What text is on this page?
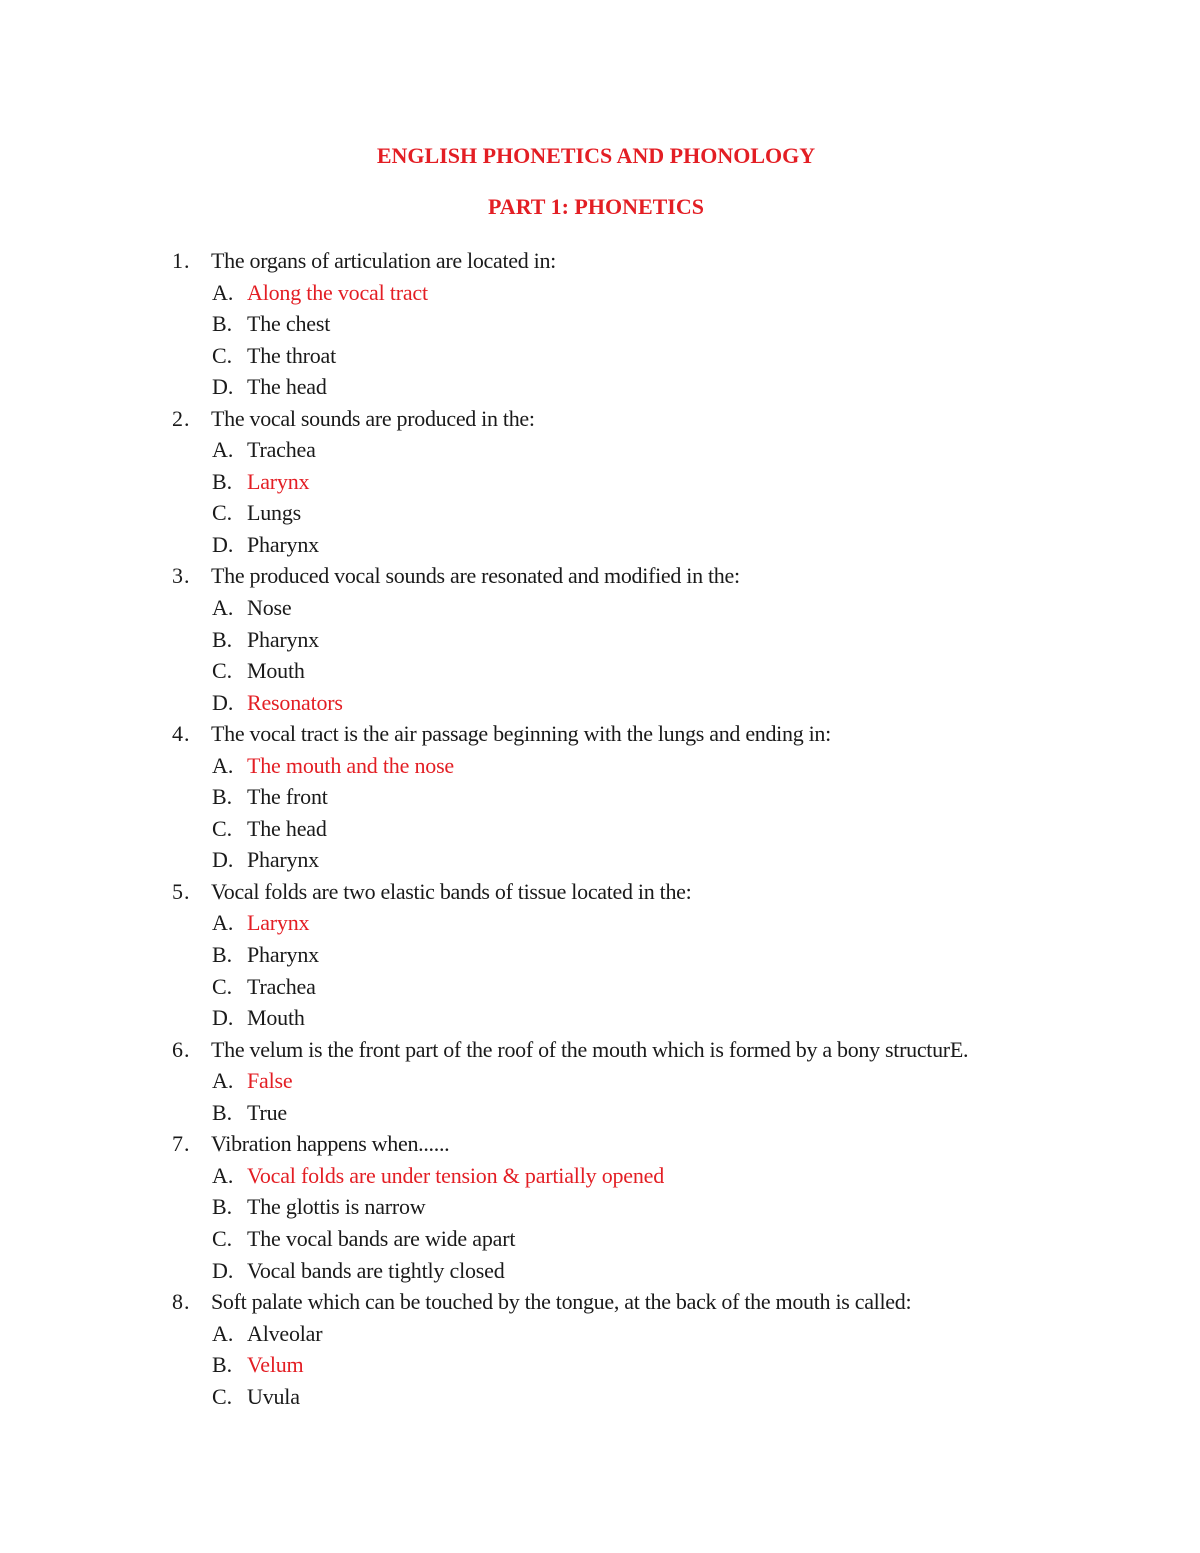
ENGLISH PHONETICS AND PHONOLOGY
PART 1: PHONETICS
1. The organs of articulation are located in:
A. Along the vocal tract
B. The chest
C. The throat
D. The head
2. The vocal sounds are produced in the:
A. Trachea
B. Larynx
C. Lungs
D. Pharynx
3. The produced vocal sounds are resonated and modified in the:
A. Nose
B. Pharynx
C. Mouth
D. Resonators
4. The vocal tract is the air passage beginning with the lungs and ending in:
A. The mouth and the nose
B. The front
C. The head
D. Pharynx
5. Vocal folds are two elastic bands of tissue located in the:
A. Larynx
B. Pharynx
C. Trachea
D. Mouth
6. The velum is the front part of the roof of the mouth which is formed by a bony structurE.
A. False
B. True
7. Vibration happens when......
A. Vocal folds are under tension & partially opened
B. The glottis is narrow
C. The vocal bands are wide apart
D. Vocal bands are tightly closed
8. Soft palate which can be touched by the tongue, at the back of the mouth is called:
A. Alveolar
B. Velum
C. Uvula
